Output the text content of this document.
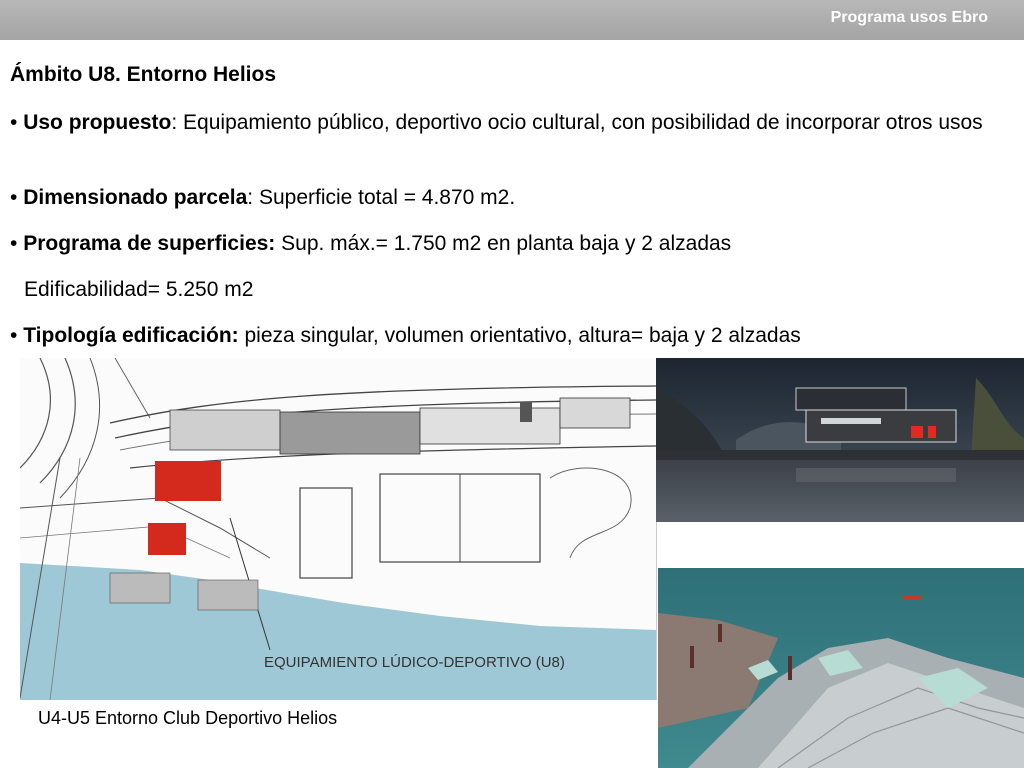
Programa usos Ebro
Ámbito U8. Entorno Helios
• Uso propuesto: Equipamiento público, deportivo ocio cultural, con posibilidad de incorporar otros usos
• Dimensionado parcela: Superficie total = 4.870 m2.
• Programa de superficies: Sup. máx.= 1.750 m2 en planta baja y 2 alzadas
Edificabilidad= 5.250 m2
• Tipología edificación: pieza singular, volumen orientativo, altura= baja y 2 alzadas
EQUIPAMIENTO LÚDICO-DEPORTIVO (U8)
U4-U5 Entorno Club Deportivo Helios
